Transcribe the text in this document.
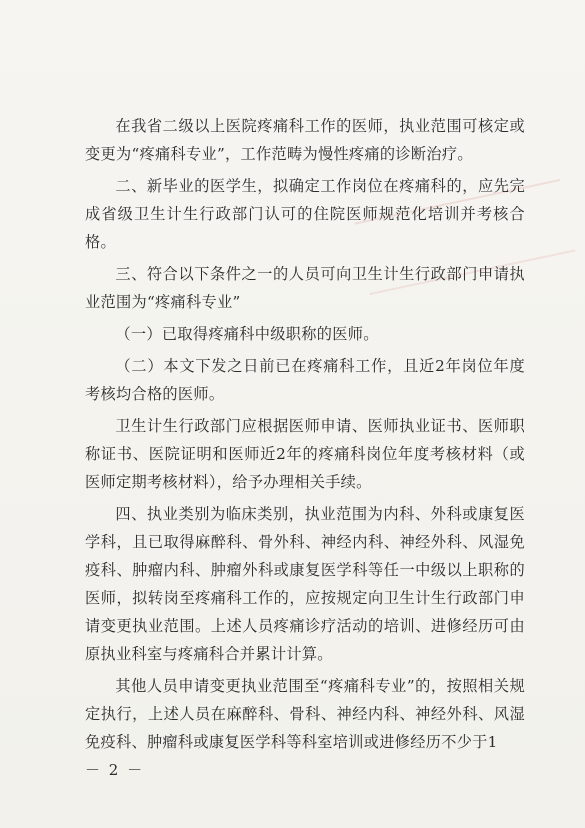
在我省二级以上医院疼痛科工作的医师，执业范围可核定或变更为“疼痛科专业”，工作范畴为慢性疼痛的诊断治疗。

二、新毕业的医学生，拟确定工作岗位在疼痛科的，应先完成省级卫生计生行政部门认可的住院医师规范化培训并考核合格。

三、符合以下条件之一的人员可向卫生计生行政部门申请执业范围为“疼痛科专业”

（一）已取得疼痛科中级职称的医师。

（二）本文下发之日前已在疼痛科工作，且近2年岗位年度考核均合格的医师。

卫生计生行政部门应根据医师申请、医师执业证书、医师职称证书、医院证明和医师近2年的疼痛科岗位年度考核材料（或医师定期考核材料），给予办理相关手续。

四、执业类别为临床类别，执业范围为内科、外科或康复医学科，且已取得麻醉科、骨外科、神经内科、神经外科、风湿免疫科、肿瘤内科、肿瘤外科或康复医学科等任一中级以上职称的医师，拟转岗至疼痛科工作的，应按规定向卫生计生行政部门申请变更执业范围。上述人员疼痛诊疗活动的培训、进修经历可由原执业科室与疼痛科合并累计计算。

其他人员申请变更执业范围至“疼痛科专业”的，按照相关规定执行，上述人员在麻醉科、骨科、神经内科、神经外科、风湿免疫科、肿瘤科或康复医学科等科室培训或进修经历不少于1

－ 2 －
